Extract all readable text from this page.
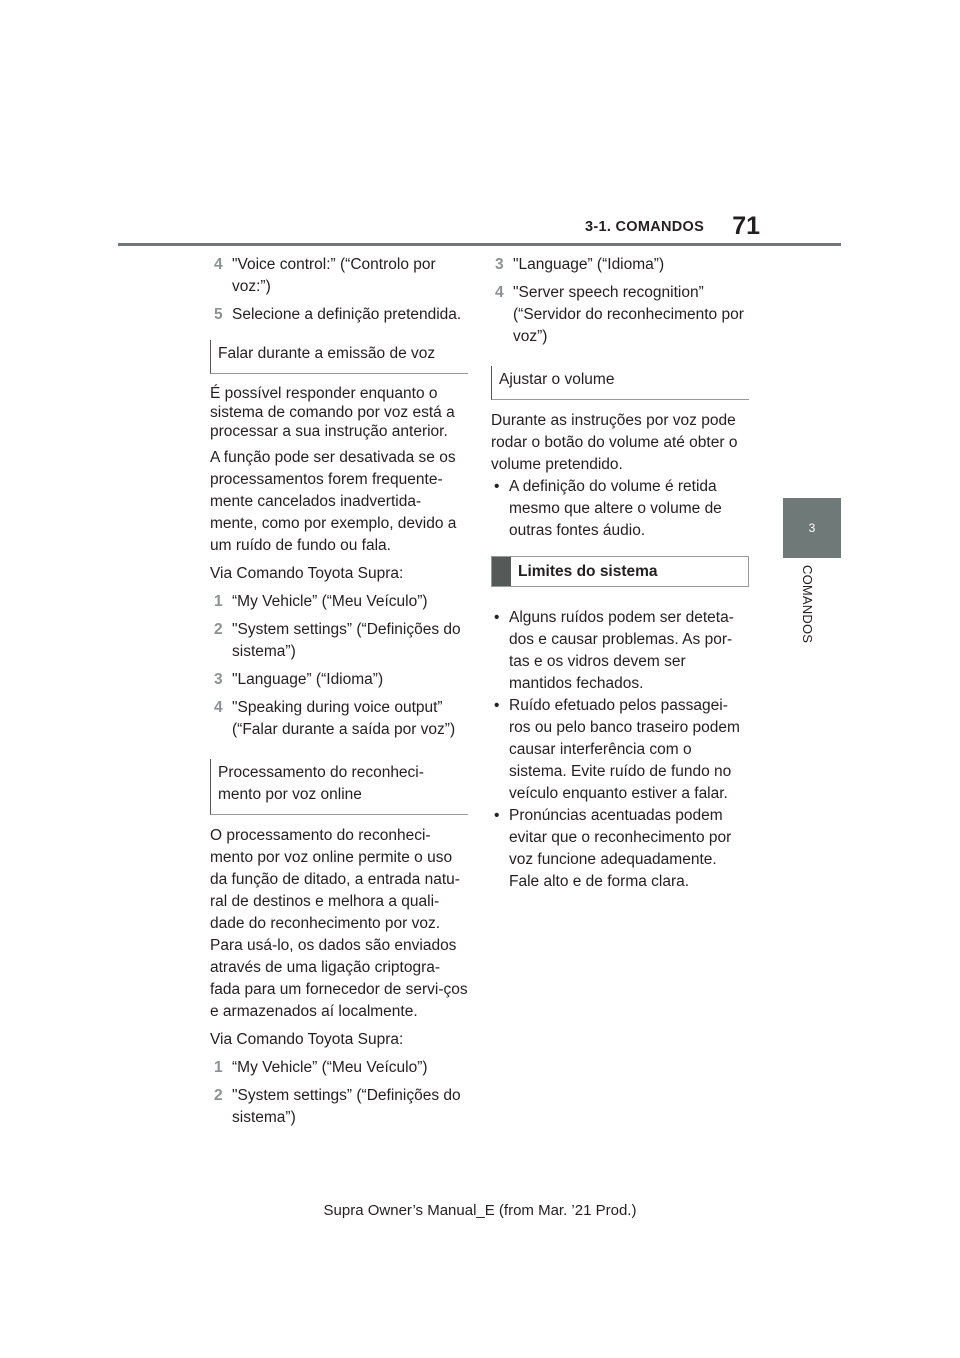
71
3-1. COMANDOS
3
COMANDOS
4 "Voice control:” (“Controlo por voz:”)
5 Selecione a definição pretendida.
Falar durante a emissão de voz

É possível responder enquanto o sistema de comando por voz está a processar a sua instrução anterior.

A função pode ser desativada se os processamentos forem frequente-mente cancelados inadvertida-mente, como por exemplo, devido a um ruído de fundo ou fala.

Via Comando Toyota Supra:

1 “My Vehicle” (“Meu Veículo”)
2 "System settings” (“Definições do sistema”)
3 "Language” (“Idioma”)
4 "Speaking during voice output” (“Falar durante a saída por voz”)
Processamento do reconheci-mento por voz online

O processamento do reconheci-mento por voz online permite o uso da função de ditado, a entrada natu-ral de destinos e melhora a quali-dade do reconhecimento por voz. Para usá-lo, os dados são enviados através de uma ligação criptogra-fada para um fornecedor de servi-ços e armazenados aí localmente.

Via Comando Toyota Supra:

1 “My Vehicle” (“Meu Veículo”)
2 "System settings” (“Definições do sistema”)
3 "Language” (“Idioma”)
4 "Server speech recognition” (“Servidor do reconhecimento por voz”)
Ajustar o volume

Durante as instruções por voz pode rodar o botão do volume até obter o volume pretendido.

• A definição do volume é retida mesmo que altere o volume de outras fontes áudio.
Limites do sistema
• Alguns ruídos podem ser deteta-dos e causar problemas. As por-tas e os vidros devem ser mantidos fechados.
• Ruído efetuado pelos passagei-ros ou pelo banco traseiro podem causar interferência com o sistema. Evite ruído de fundo no veículo enquanto estiver a falar.
• Pronúncias acentuadas podem evitar que o reconhecimento por voz funcione adequadamente. Fale alto e de forma clara.
Supra Owner’s Manual_E (from Mar. ’21 Prod.)
